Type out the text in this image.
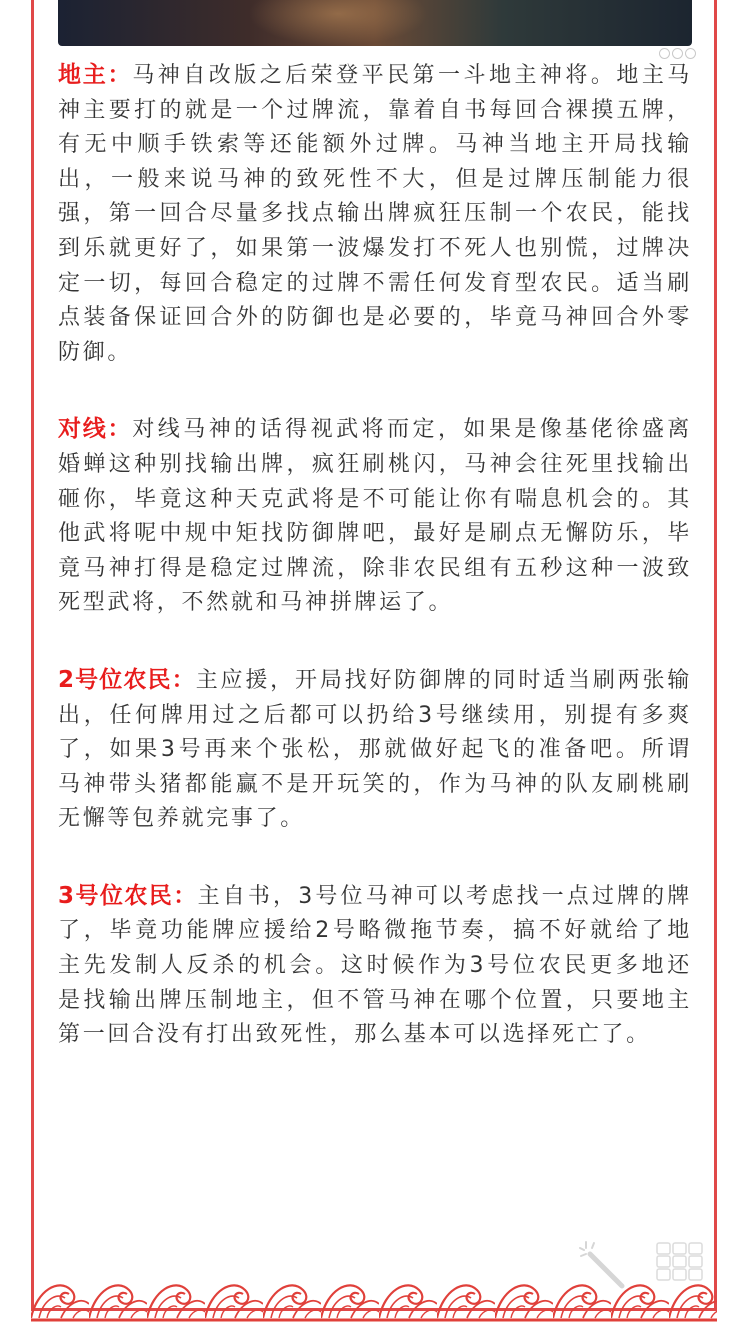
地主：马神自改版之后荣登平民第一斗地主神将。地主马神主要打的就是一个过牌流，靠着自书每回合裸摸五牌，有无中顺手铁索等还能额外过牌。马神当地主开局找输出，一般来说马神的致死性不大，但是过牌压制能力很强，第一回合尽量多找点输出牌疯狂压制一个农民，能找到乐就更好了，如果第一波爆发打不死人也别慌，过牌决定一切，每回合稳定的过牌不需任何发育型农民。适当刷点装备保证回合外的防御也是必要的，毕竟马神回合外零防御。

对线：对线马神的话得视武将而定，如果是像基佬徐盛离婚蝉这种别找输出牌，疯狂刷桃闪，马神会往死里找输出砸你，毕竟这种天克武将是不可能让你有喘息机会的。其他武将呢中规中矩找防御牌吧，最好是刷点无懈防乐，毕竟马神打得是稳定过牌流，除非农民组有五秒这种一波致死型武将，不然就和马神拼牌运了。

2号位农民：主应援，开局找好防御牌的同时适当刷两张输出，任何牌用过之后都可以扔给3号继续用，别提有多爽了，如果3号再来个张松，那就做好起飞的准备吧。所谓马神带头猪都能赢不是开玩笑的，作为马神的队友刷桃刷无懈等包养就完事了。

3号位农民：主自书，3号位马神可以考虑找一点过牌的牌了，毕竟功能牌应援给2号略微拖节奏，搞不好就给了地主先发制人反杀的机会。这时候作为3号位农民更多地还是找输出牌压制地主，但不管马神在哪个位置，只要地主第一回合没有打出致死性，那么基本可以选择死亡了。
